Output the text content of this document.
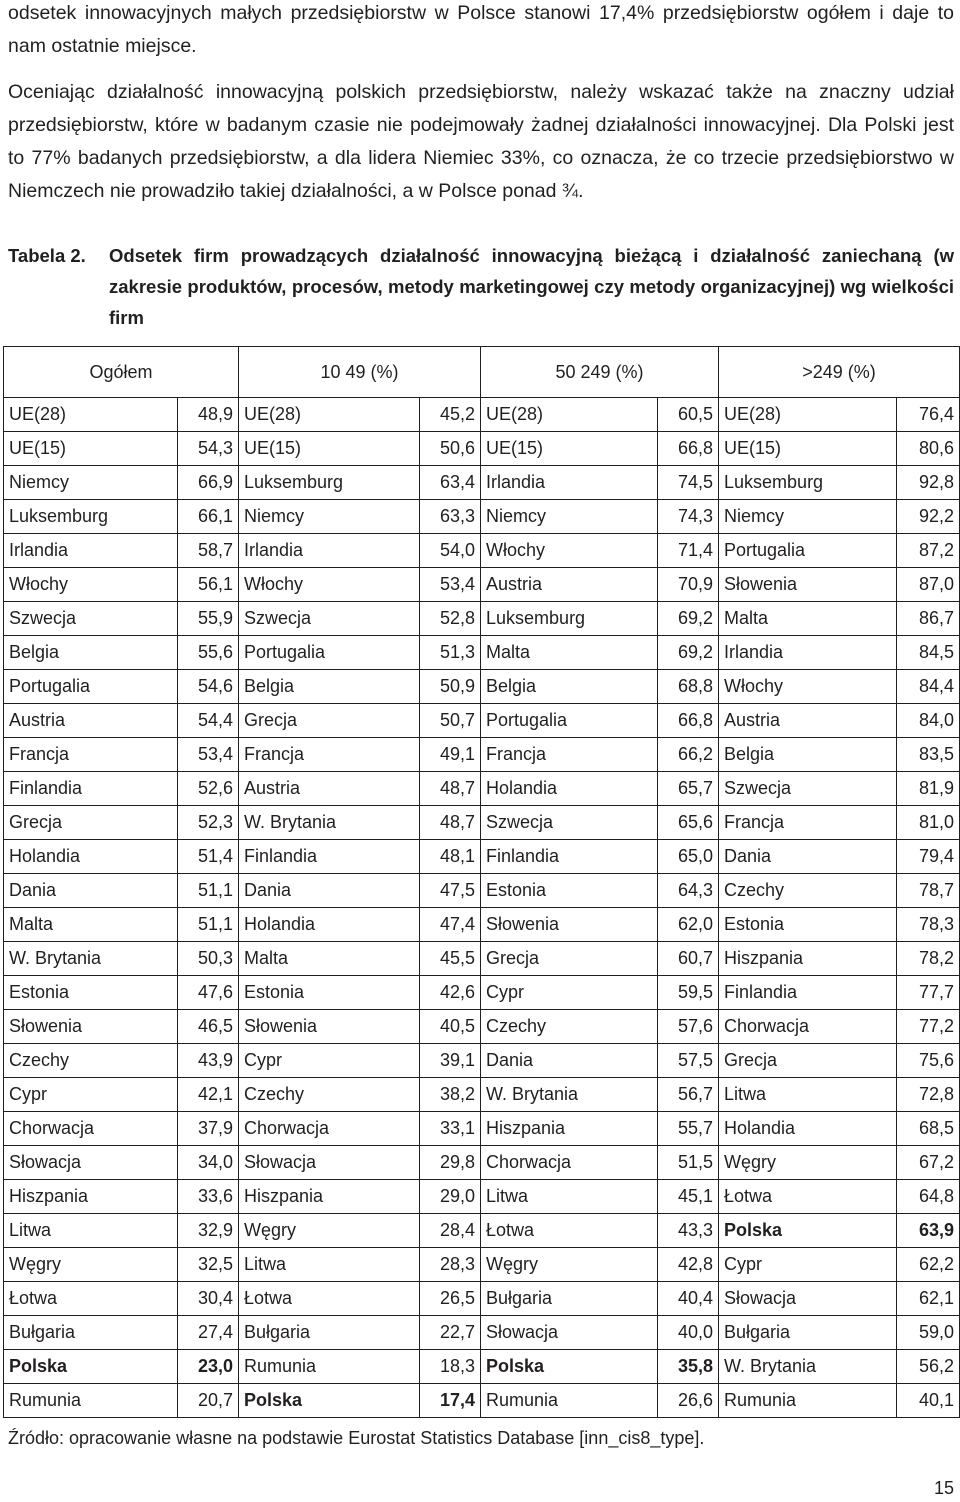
odsetek innowacyjnych małych przedsiębiorstw w Polsce stanowi 17,4% przedsiębiorstw ogółem i daje to nam ostatnie miejsce.

Oceniając działalność innowacyjną polskich przedsiębiorstw, należy wskazać także na znaczny udział przedsiębiorstw, które w badanym czasie nie podejmowały żadnej działalności innowacyjnej. Dla Polski jest to 77% badanych przedsiębiorstw, a dla lidera Niemiec 33%, co oznacza, że co trzecie przedsiębiorstwo w Niemczech nie prowadziło takiej działalności, a w Polsce ponad ¾.

Tabela 2.	Odsetek firm prowadzących działalność innowacyjną bieżącą i działalność zaniechaną (w zakresie produktów, procesów, metody marketingowej czy metody organizacyjnej) wg wielkości firm
Ogółem		10 49 (%)		50 249 (%)		>249 (%)	
UE(28)	48,9	UE(28)	45,2	UE(28)	60,5	UE(28)	76,4
UE(15)	54,3	UE(15)	50,6	UE(15)	66,8	UE(15)	80,6
Niemcy	66,9	Luksemburg	63,4	Irlandia	74,5	Luksemburg	92,8
Luksemburg	66,1	Niemcy	63,3	Niemcy	74,3	Niemcy	92,2
Irlandia	58,7	Irlandia	54,0	Włochy	71,4	Portugalia	87,2
Włochy	56,1	Włochy	53,4	Austria	70,9	Słowenia	87,0
Szwecja	55,9	Szwecja	52,8	Luksemburg	69,2	Malta	86,7
Belgia	55,6	Portugalia	51,3	Malta	69,2	Irlandia	84,5
Portugalia	54,6	Belgia	50,9	Belgia	68,8	Włochy	84,4
Austria	54,4	Grecja	50,7	Portugalia	66,8	Austria	84,0
Francja	53,4	Francja	49,1	Francja	66,2	Belgia	83,5
Finlandia	52,6	Austria	48,7	Holandia	65,7	Szwecja	81,9
Grecja	52,3	W. Brytania	48,7	Szwecja	65,6	Francja	81,0
Holandia	51,4	Finlandia	48,1	Finlandia	65,0	Dania	79,4
Dania	51,1	Dania	47,5	Estonia	64,3	Czechy	78,7
Malta	51,1	Holandia	47,4	Słowenia	62,0	Estonia	78,3
W. Brytania	50,3	Malta	45,5	Grecja	60,7	Hiszpania	78,2
Estonia	47,6	Estonia	42,6	Cypr	59,5	Finlandia	77,7
Słowenia	46,5	Słowenia	40,5	Czechy	57,6	Chorwacja	77,2
Czechy	43,9	Cypr	39,1	Dania	57,5	Grecja	75,6
Cypr	42,1	Czechy	38,2	W. Brytania	56,7	Litwa	72,8
Chorwacja	37,9	Chorwacja	33,1	Hiszpania	55,7	Holandia	68,5
Słowacja	34,0	Słowacja	29,8	Chorwacja	51,5	Węgry	67,2
Hiszpania	33,6	Hiszpania	29,0	Litwa	45,1	Łotwa	64,8
Litwa	32,9	Węgry	28,4	Łotwa	43,3	Polska	63,9
Węgry	32,5	Litwa	28,3	Węgry	42,8	Cypr	62,2
Łotwa	30,4	Łotwa	26,5	Bułgaria	40,4	Słowacja	62,1
Bułgaria	27,4	Bułgaria	22,7	Słowacja	40,0	Bułgaria	59,0
Polska	23,0	Rumunia	18,3	Polska	35,8	W. Brytania	56,2
Rumunia	20,7	Polska	17,4	Rumunia	26,6	Rumunia	40,1
Źródło: opracowanie własne na podstawie Eurostat Statistics Database [inn_cis8_type].
15
